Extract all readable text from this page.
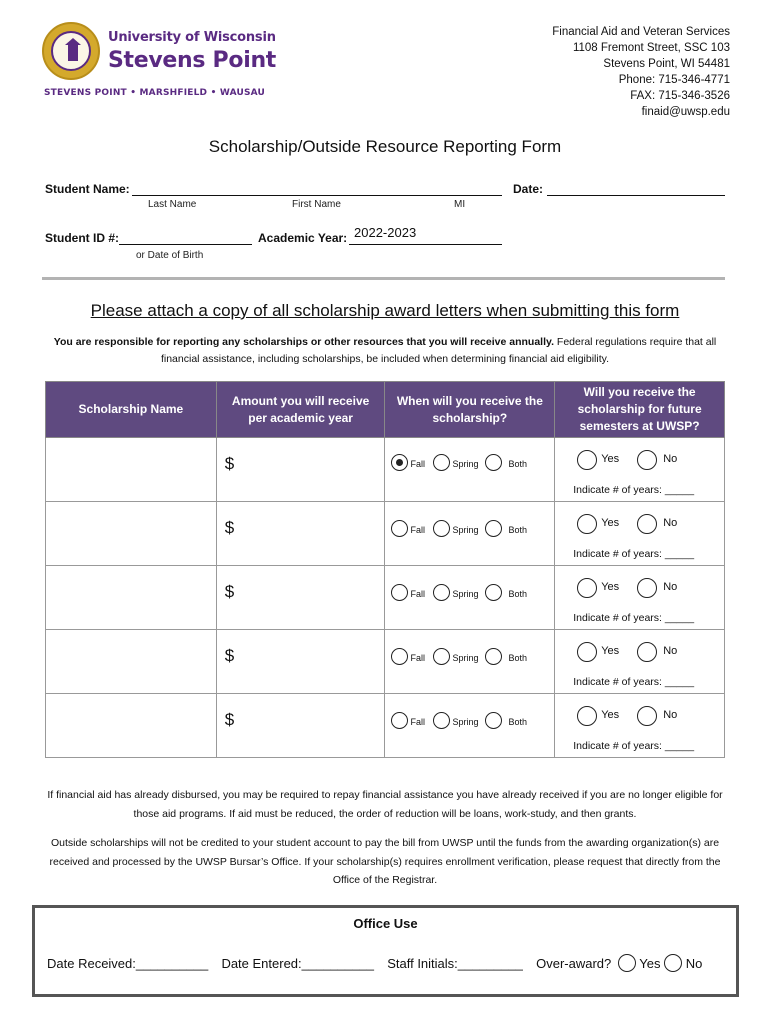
University of Wisconsin
Stevens Point
STEVENS POINT • MARSHFIELD • WAUSAU
Financial Aid and Veteran Services
1108 Fremont Street, SSC 103
Stevens Point, WI 54481
Phone: 715-346-4771
FAX: 715-346-3526
finaid@uwsp.edu
Scholarship/Outside Resource Reporting Form
Student Name:	Date:
Last Name	First Name	MI
Student ID #:	Academic Year: 2022-2023
or Date of Birth
Please attach a copy of all scholarship award letters when submitting this form
You are responsible for reporting any scholarships or other resources that you will receive annually. Federal regulations require that all financial assistance, including scholarships, be included when determining financial aid eligibility.
Scholarship Name	Amount you will receive per academic year	When will you receive the scholarship?	Will you receive the scholarship for future semesters at UWSP?

	$	Fall Spring Both	Yes No
Indicate # of years: _____

	$	Fall Spring Both	Yes No
Indicate # of years: _____

	$	Fall Spring Both	Yes No
Indicate # of years: _____

	$	Fall Spring Both	Yes No
Indicate # of years: _____

	$	Fall Spring Both	Yes No
Indicate # of years: _____
If financial aid has already disbursed, you may be required to repay financial assistance you have already received if you are no longer eligible for those aid programs. If aid must be reduced, the order of reduction will be loans, work-study, and then grants.
Outside scholarships will not be credited to your student account to pay the bill from UWSP until the funds from the awarding organization(s) are received and processed by the UWSP Bursar’s Office. If your scholarship(s) requires enrollment verification, please request that directly from the Office of the Registrar.
Office Use
Date Received:__________ Date Entered:__________ Staff Initials:_________ Over-award? Yes No
